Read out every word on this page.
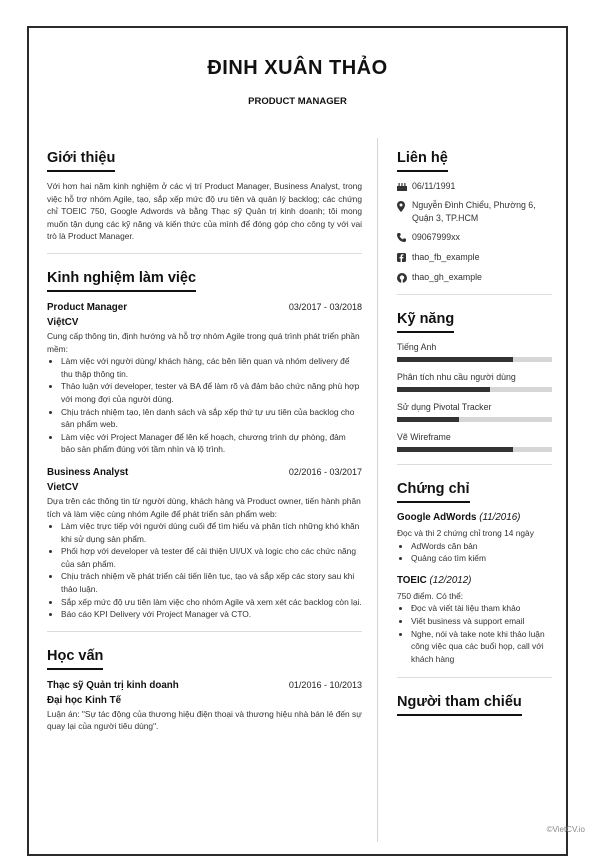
ĐINH XUÂN THẢO
PRODUCT MANAGER
Giới thiệu
Với hơn hai năm kinh nghiệm ở các vị trí Product Manager, Business Analyst, trong việc hỗ trợ nhóm Agile, tạo, sắp xếp mức độ ưu tiên và quản lý backlog; các chứng chỉ TOEIC 750, Google Adwords và bằng Thạc sỹ Quản trị kinh doanh; tôi mong muốn tận dụng các kỹ năng và kiến thức của mình để đóng góp cho công ty với vai trò là Product Manager.
Kinh nghiệm làm việc
Product Manager	03/2017 - 03/2018
ViệtCV
Cung cấp thông tin, định hướng và hỗ trợ nhóm Agile trong quá trình phát triển phần mềm:
• Làm việc với người dùng/ khách hàng, các bên liên quan và nhóm delivery để thu thập thông tin.
• Thảo luận với developer, tester và BA để làm rõ và đảm bảo chức năng phù hợp với mong đợi của người dùng.
• Chịu trách nhiệm tạo, lên danh sách và sắp xếp thứ tự ưu tiên của backlog cho sản phẩm web.
• Làm việc với Project Manager để lên kế hoạch, chương trình dự phòng, đảm bảo sản phẩm đúng với tầm nhìn và lộ trình.
Business Analyst	02/2016 - 03/2017
VietCV
Dựa trên các thông tin từ người dùng, khách hàng và Product owner, tiến hành phân tích và làm việc cùng nhóm Agile để phát triển sản phẩm web:
• Làm việc trực tiếp với người dùng cuối để tìm hiểu và phân tích những khó khăn khi sử dụng sản phẩm.
• Phối hợp với developer và tester để cải thiện UI/UX và logic cho các chức năng của sản phẩm.
• Chịu trách nhiệm về phát triển cải tiến liên tục, tạo và sắp xếp các story sau khi thảo luận.
• Sắp xếp mức độ ưu tiên làm việc cho nhóm Agile và xem xét các backlog còn lại.
• Báo cáo KPI Delivery với Project Manager và CTO.
Học vấn
Thạc sỹ Quản trị kinh doanh	01/2016 - 10/2013
Đại học Kinh Tế
Luận án: "Sự tác động của thương hiệu điện thoại và thương hiệu nhà bán lẻ đến sự quay lại của người tiêu dùng".
Liên hệ
06/11/1991
Nguyễn Đình Chiểu, Phường 6, Quận 3, TP.HCM
09067999xx
thao_fb_example
thao_gh_example
Kỹ năng
Tiếng Anh
Phân tích nhu cầu người dùng
Sử dụng Pivotal Tracker
Vẽ Wireframe
Chứng chỉ
Google AdWords (11/2016)
Đọc và thi 2 chứng chỉ trong 14 ngày
• AdWords căn bản
• Quảng cáo tìm kiếm
TOEIC (12/2012)
750 điểm. Có thể:
• Đọc và viết tài liệu tham khảo
• Viết business và support email
• Nghe, nói và take note khi thảo luận công việc qua các buổi họp, call với khách hàng
Người tham chiếu
©VietCV.io
